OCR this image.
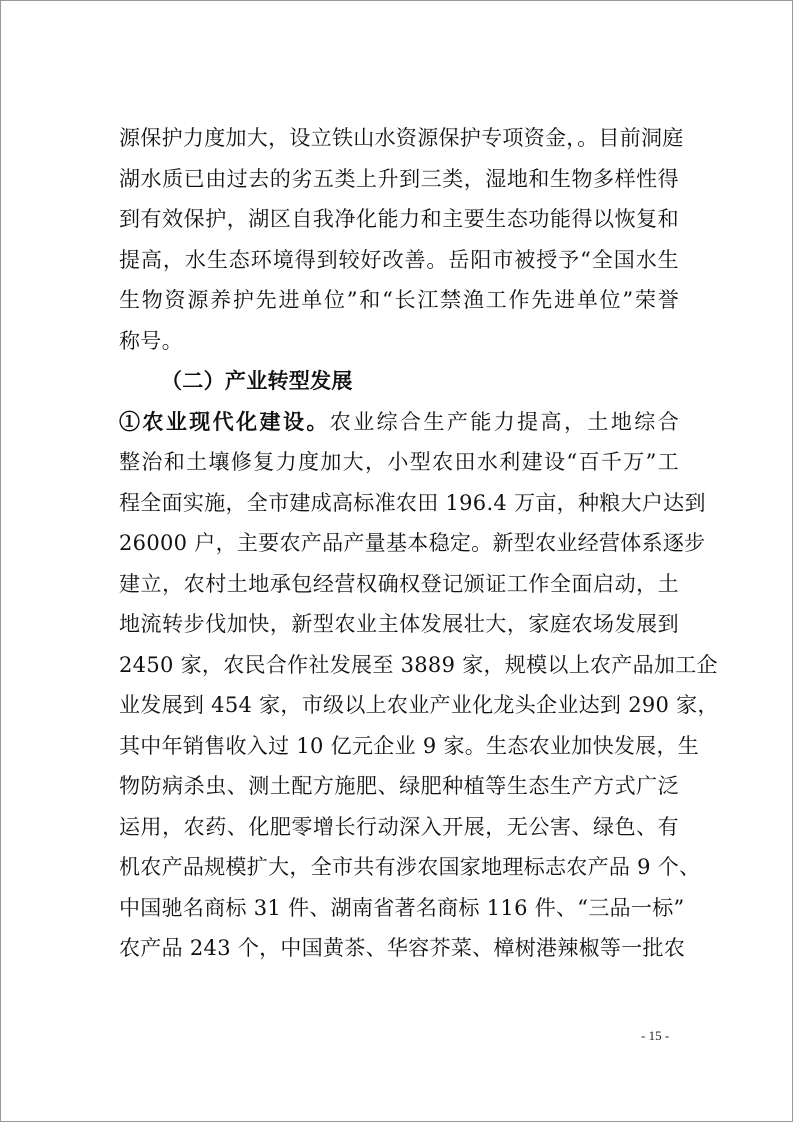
源保护力度加大，设立铁山水资源保护专项资金，。目前洞庭
湖水质已由过去的劣五类上升到三类，湿地和生物多样性得
到有效保护，湖区自我净化能力和主要生态功能得以恢复和
提高，水生态环境得到较好改善。岳阳市被授予“全国水生
生物资源养护先进单位”和“长江禁渔工作先进单位”荣誉
称号。
（二）产业转型发展
①农业现代化建设。农业综合生产能力提高，土地综合
整治和土壤修复力度加大，小型农田水利建设“百千万”工
程全面实施，全市建成高标准农田 196.4 万亩，种粮大户达到
26000 户，主要农产品产量基本稳定。新型农业经营体系逐步
建立，农村土地承包经营权确权登记颁证工作全面启动，土
地流转步伐加快，新型农业主体发展壮大，家庭农场发展到
2450 家，农民合作社发展至 3889 家，规模以上农产品加工企
业发展到 454 家，市级以上农业产业化龙头企业达到 290 家，
其中年销售收入过 10 亿元企业 9 家。生态农业加快发展，生
物防病杀虫、测土配方施肥、绿肥种植等生态生产方式广泛
运用，农药、化肥零增长行动深入开展，无公害、绿色、有
机农产品规模扩大，全市共有涉农国家地理标志农产品 9 个、
中国驰名商标 31 件、湖南省著名商标 116 件、“三品一标”
农产品 243 个，中国黄茶、华容芥菜、樟树港辣椒等一批农
- 15 -
